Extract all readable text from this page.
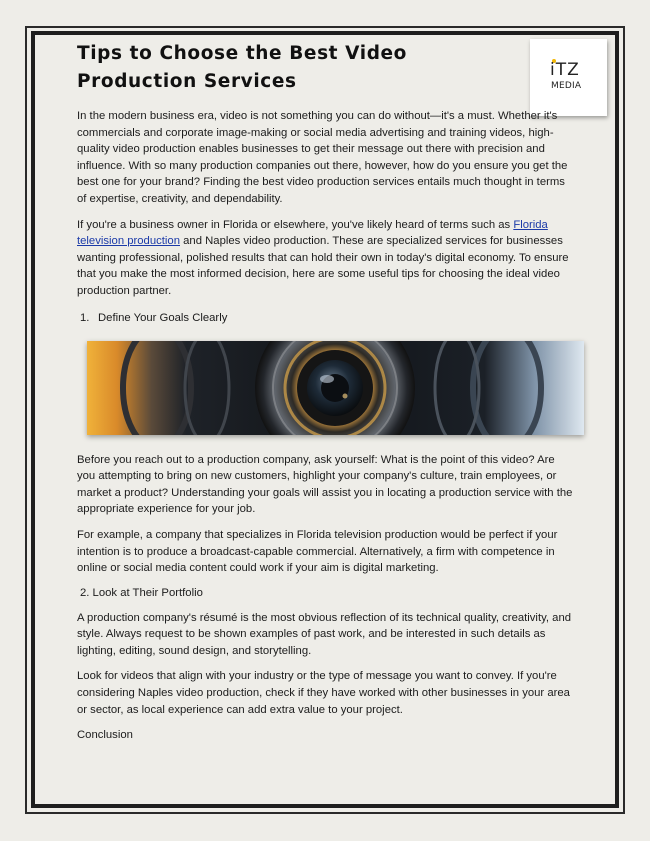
iTZ
MEDIA
Tips to Choose the Best Video Production Services

In the modern business era, video is not something you can do without—it's a must. Whether it's commercials and corporate image-making or social media advertising and training videos, high-quality video production enables businesses to get their message out there with precision and influence. With so many production companies out there, however, how do you ensure you get the best one for your brand? Finding the best video production services entails much thought in terms of expertise, creativity, and dependability.

If you're a business owner in Florida or elsewhere, you've likely heard of terms such as Florida television production and Naples video production. These are specialized services for businesses wanting professional, polished results that can hold their own in today's digital economy. To ensure that you make the most informed decision, here are some useful tips for choosing the ideal video production partner.

1. Define Your Goals Clearly

Before you reach out to a production company, ask yourself: What is the point of this video? Are you attempting to bring on new customers, highlight your company's culture, train employees, or market a product? Understanding your goals will assist you in locating a production service with the appropriate experience for your job.

For example, a company that specializes in Florida television production would be perfect if your intention is to produce a broadcast-capable commercial. Alternatively, a firm with competence in online or social media content could work if your aim is digital marketing.

2. Look at Their Portfolio

A production company's résumé is the most obvious reflection of its technical quality, creativity, and style. Always request to be shown examples of past work, and be interested in such details as lighting, editing, sound design, and storytelling.

Look for videos that align with your industry or the type of message you want to convey. If you're considering Naples video production, check if they have worked with other businesses in your area or sector, as local experience can add extra value to your project.

Conclusion
